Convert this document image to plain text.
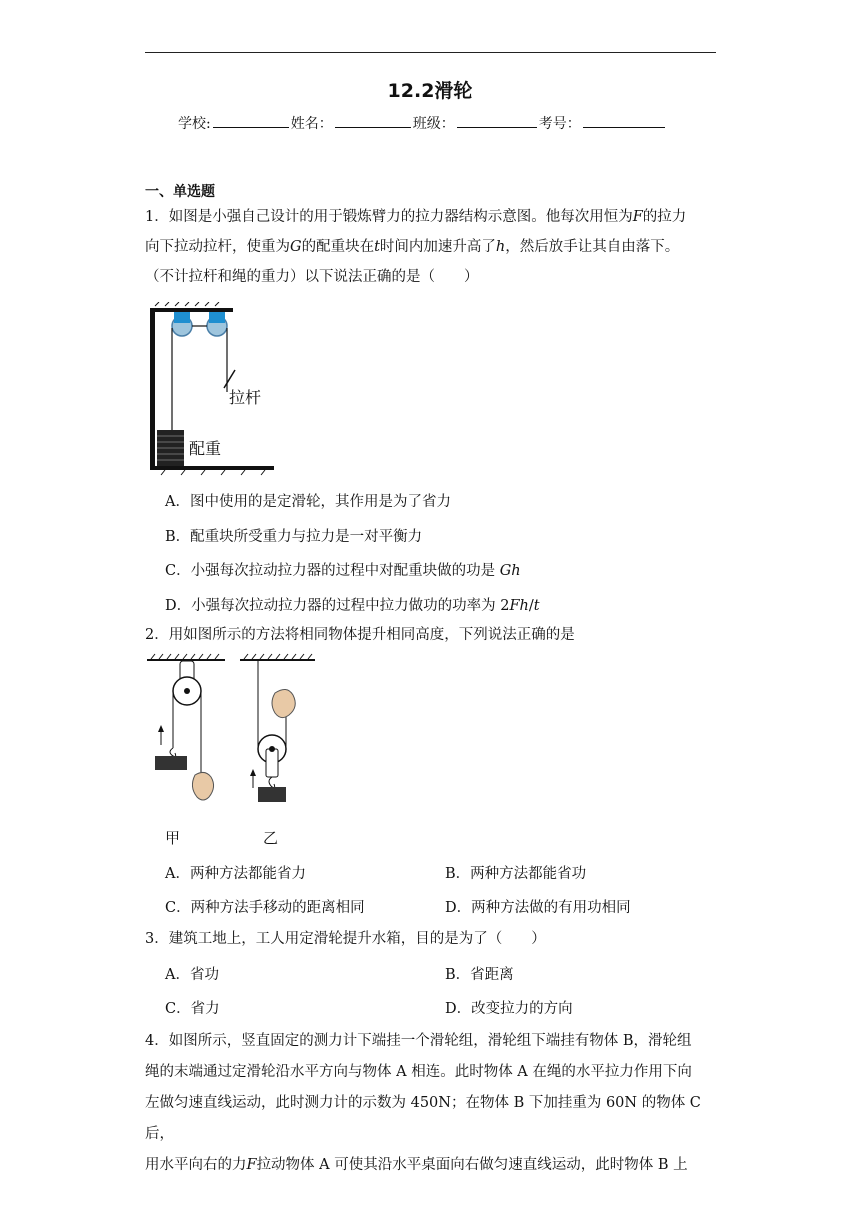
12.2滑轮
学校:	姓名：	班级：	考号：
一、单选题
1．如图是小强自己设计的用于锻炼臂力的拉力器结构示意图。他每次用恒为F的拉力
向下拉动拉杆，使重为G的配重块在t时间内加速升高了h，然后放手让其自由落下。
（不计拉杆和绳的重力）以下说法正确的是（　　）
拉杆
配重
A．图中使用的是定滑轮，其作用是为了省力
B．配重块所受重力与拉力是一对平衡力
C．小强每次拉动拉力器的过程中对配重块做的功是 Gh
D．小强每次拉动拉力器的过程中拉力做功的功率为 2Fh/t
2．用如图所示的方法将相同物体提升相同高度，下列说法正确的是
甲	乙
A．两种方法都能省力	B．两种方法都能省功
C．两种方法手移动的距离相同	D．两种方法做的有用功相同
3．建筑工地上，工人用定滑轮提升水箱，目的是为了（　　）
A．省功	B．省距离
C．省力	D．改变拉力的方向
4．如图所示，竖直固定的测力计下端挂一个滑轮组，滑轮组下端挂有物体 B，滑轮组
绳的末端通过定滑轮沿水平方向与物体 A 相连。此时物体 A 在绳的水平拉力作用下向
左做匀速直线运动，此时测力计的示数为 450N；在物体 B 下加挂重为 60N 的物体 C 后，
用水平向右的力F拉动物体 A 可使其沿水平桌面向右做匀速直线运动，此时物体 B 上
